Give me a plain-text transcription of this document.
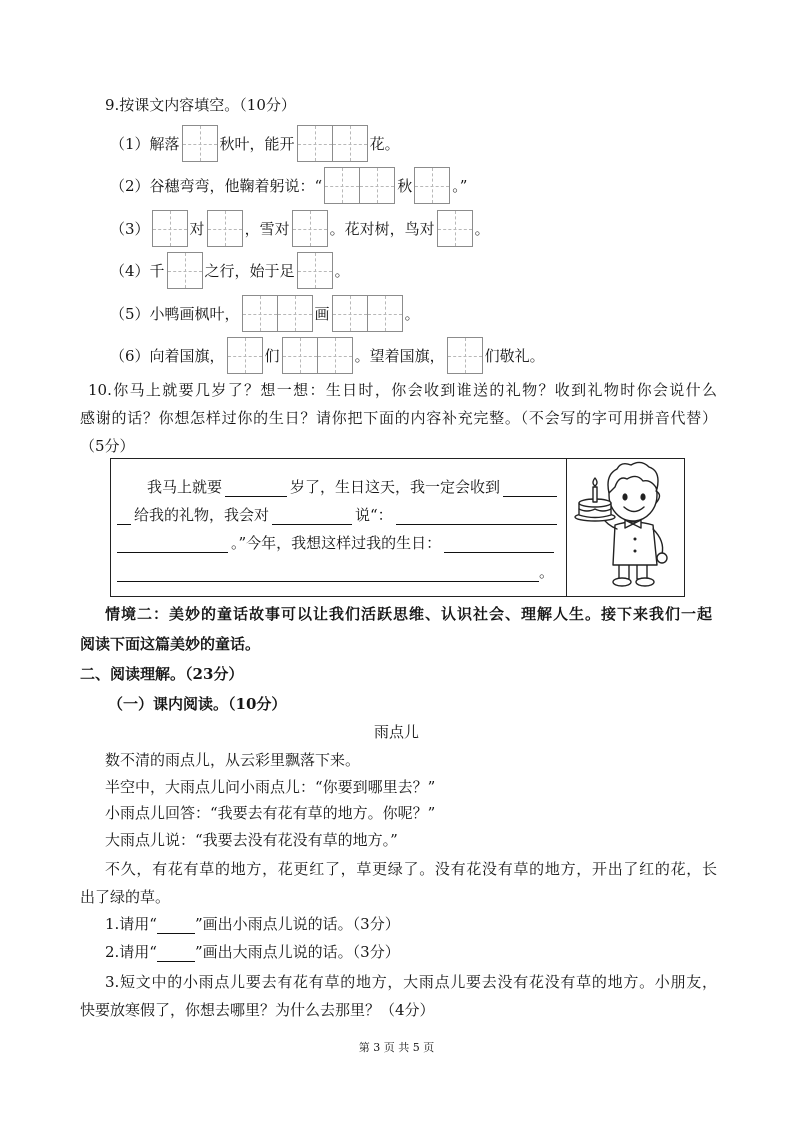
9.按课文内容填空。（10分）
（1）解落	秋叶，能开	花。
（2）谷穗弯弯，他鞠着躬说：“	秋	。”
（3）	对	，雪对	。花对树，鸟对	。
（4）千	之行，始于足	。
（5）小鸭画枫叶，	画	。
（6）向着国旗，	们	。望着国旗，	们敬礼。
10.你马上就要几岁了？想一想：生日时，你会收到谁送的礼物？收到礼物时你会说什么
感谢的话？你想怎样过你的生日？请你把下面的内容补充完整。（不会写的字可用拼音代替）
（5分）
我马上就要	岁了，生日这天，我一定会收到
给我的礼物，我会对	说“：
。”今年，我想这样过我的生日：
。
情境二：美妙的童话故事可以让我们活跃思维、认识社会、理解人生。接下来我们一起
阅读下面这篇美妙的童话。
二、阅读理解。（23分）
（一）课内阅读。（10分）
雨点儿
数不清的雨点儿，从云彩里飘落下来。
半空中，大雨点儿问小雨点儿：“你要到哪里去？”
小雨点儿回答：“我要去有花有草的地方。你呢？”
大雨点儿说：“我要去没有花没有草的地方。”
不久，有花有草的地方，花更红了，草更绿了。没有花没有草的地方，开出了红的花，长
出了绿的草。
1.请用“	”画出小雨点儿说的话。（3分）
2.请用“	”画出大雨点儿说的话。（3分）
3.短文中的小雨点儿要去有花有草的地方，大雨点儿要去没有花没有草的地方。小朋友，
快要放寒假了，你想去哪里？为什么去那里？（4分）
第 3 页 共 5 页
